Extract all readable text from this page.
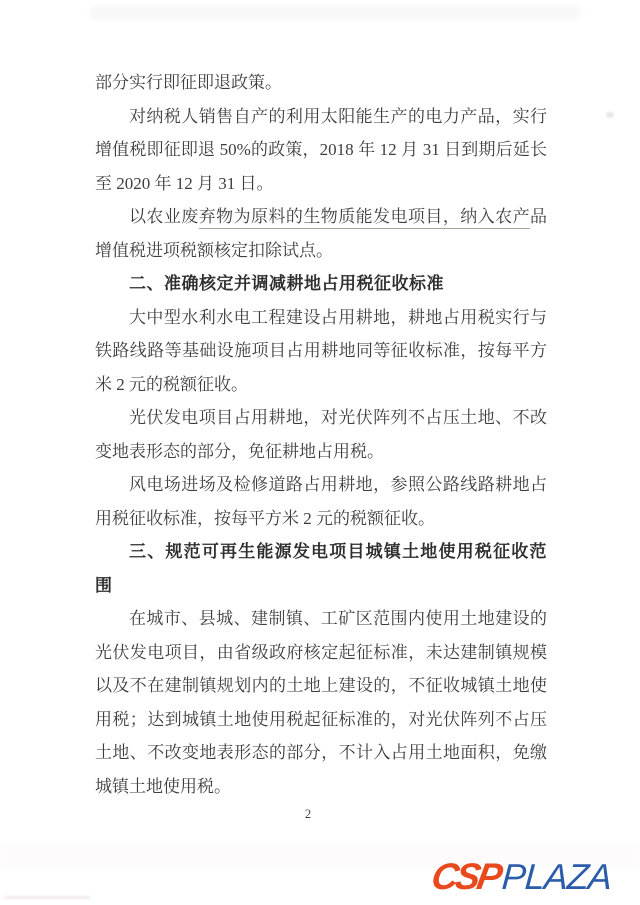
部分实行即征即退政策。
对纳税人销售自产的利用太阳能生产的电力产品，实行
增值税即征即退 50%的政策，2018 年 12 月 31 日到期后延长
至 2020 年 12 月 31 日。
以农业废弃物为原料的生物质能发电项目，纳入农产品
增值税进项税额核定扣除试点。
二、准确核定并调减耕地占用税征收标准
大中型水利水电工程建设占用耕地，耕地占用税实行与
铁路线路等基础设施项目占用耕地同等征收标准，按每平方
米 2 元的税额征收。
光伏发电项目占用耕地，对光伏阵列不占压土地、不改
变地表形态的部分，免征耕地占用税。
风电场进场及检修道路占用耕地，参照公路线路耕地占
用税征收标准，按每平方米 2 元的税额征收。
三、规范可再生能源发电项目城镇土地使用税征收范
围
在城市、县城、建制镇、工矿区范围内使用土地建设的
光伏发电项目，由省级政府核定起征标准，未达建制镇规模
以及不在建制镇规划内的土地上建设的，不征收城镇土地使
用税；达到城镇土地使用税起征标准的，对光伏阵列不占压
土地、不改变地表形态的部分，不计入占用土地面积，免缴
城镇土地使用税。
2
CSPPLAZA
